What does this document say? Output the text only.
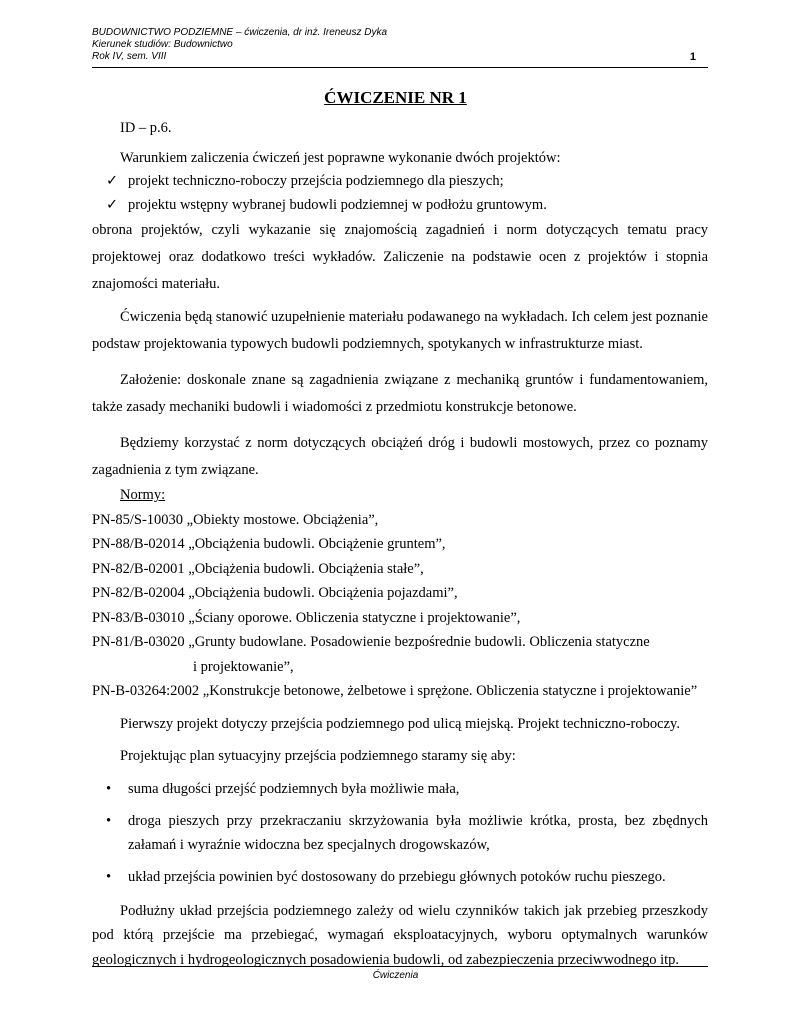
BUDOWNICTWO PODZIEMNE – ćwiczenia, dr inż. Ireneusz Dyka
Kierunek studiów: Budownictwo
Rok IV, sem. VIII	1
ĆWICZENIE NR 1

ID – p.6.

Warunkiem zaliczenia ćwiczeń jest poprawne wykonanie dwóch projektów:

✓ projekt techniczno-roboczy przejścia podziemnego dla pieszych;

✓ projektu wstępny wybranej budowli podziemnej w podłożu gruntowym.

obrona projektów, czyli wykazanie się znajomością zagadnień i norm dotyczących tematu pracy projektowej oraz dodatkowo treści wykładów. Zaliczenie na podstawie ocen z projektów i stopnia znajomości materiału.

Ćwiczenia będą stanowić uzupełnienie materiału podawanego na wykładach. Ich celem jest poznanie podstaw projektowania typowych budowli podziemnych, spotykanych w infrastrukturze miast.

Założenie: doskonale znane są zagadnienia związane z mechaniką gruntów i fundamentowaniem, także zasady mechaniki budowli i wiadomości z przedmiotu konstrukcje betonowe.

Będziemy korzystać z norm dotyczących obciążeń dróg i budowli mostowych, przez co poznamy zagadnienia z tym związane.

Normy:

PN-85/S-10030 „Obiekty mostowe. Obciążenia”,

PN-88/B-02014 „Obciążenia budowli. Obciążenie gruntem”,

PN-82/B-02001 „Obciążenia budowli. Obciążenia stałe”,

PN-82/B-02004 „Obciążenia budowli. Obciążenia pojazdami”,

PN-83/B-03010 „Ściany oporowe. Obliczenia statyczne i projektowanie”,

PN-81/B-03020 „Grunty budowlane. Posadowienie bezpośrednie budowli. Obliczenia statyczne

i projektowanie”,

PN-B-03264:2002 „Konstrukcje betonowe, żelbetowe i sprężone. Obliczenia statyczne i projektowanie”

Pierwszy projekt dotyczy przejścia podziemnego pod ulicą miejską. Projekt techniczno-roboczy.

Projektując plan sytuacyjny przejścia podziemnego staramy się aby:

•	suma długości przejść podziemnych była możliwie mała,
•	droga pieszych przy przekraczaniu skrzyżowania była możliwie krótka, prosta, bez zbędnych załamań i wyraźnie widoczna bez specjalnych drogowskazów,
•	układ przejścia powinien być dostosowany do przebiegu głównych potoków ruchu pieszego.

Podłużny układ przejścia podziemnego zależy od wielu czynników takich jak przebieg przeszkody pod którą przejście ma przebiegać, wymagań eksploatacyjnych, wyboru optymalnych warunków geologicznych i hydrogeologicznych posadowienia budowli, od zabezpieczenia przeciwwodnego itp.

Ćwiczenia
